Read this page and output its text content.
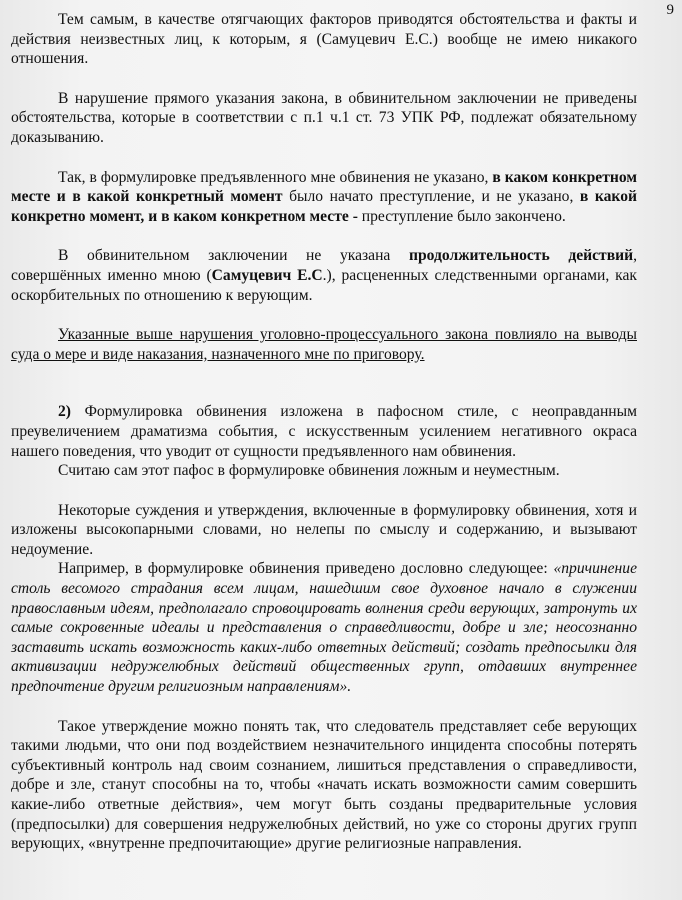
9

Тем самым, в качестве отягчающих факторов приводятся обстоятельства и факты и действия неизвестных лиц, к которым, я (Самуцевич Е.С.) вообще не имею никакого отношения.

В нарушение прямого указания закона, в обвинительном заключении не приведены обстоятельства, которые в соответствии с п.1 ч.1 ст. 73 УПК РФ, подлежат обязательному доказыванию.

Так, в формулировке предъявленного мне обвинения не указано, в каком конкретном месте и в какой конкретный момент было начато преступление, и не указано, в какой конкретно момент, и в каком конкретном месте - преступление было закончено.

В обвинительном заключении не указана продолжительность действий, совершённых именно мною (Самуцевич Е.С.), расцененных следственными органами, как оскорбительных по отношению к верующим.

Указанные выше нарушения уголовно-процессуального закона повлияло на выводы суда о мере и виде наказания, назначенного мне по приговору.

2) Формулировка обвинения изложена в пафосном стиле, с неоправданным преувеличением драматизма события, с искусственным усилением негативного окраса нашего поведения, что уводит от сущности предъявленного нам обвинения.

Считаю сам этот пафос в формулировке обвинения ложным и неуместным.

Некоторые суждения и утверждения, включенные в формулировку обвинения, хотя и изложены высокопарными словами, но нелепы по смыслу и содержанию, и вызывают недоумение.

Например, в формулировке обвинения приведено дословно следующее: «причинение столь весомого страдания всем лицам, нашедшим свое духовное начало в служении православным идеям, предполагало спровоцировать волнения среди верующих, затронуть их самые сокровенные идеалы и представления о справедливости, добре и зле; неосознанно заставить искать возможность каких-либо ответных действий; создать предпосылки для активизации недружелюбных действий общественных групп, отдавших внутреннее предпочтение другим религиозным направлениям».

Такое утверждение можно понять так, что следователь представляет себе верующих такими людьми, что они под воздействием незначительного инцидента способны потерять субъективный контроль над своим сознанием, лишиться представления о справедливости, добре и зле, станут способны на то, чтобы «начать искать возможности самим совершить какие-либо ответные действия», чем могут быть созданы предварительные условия (предпосылки) для совершения недружелюбных действий, но уже со стороны других групп верующих, «внутренне предпочитающие» другие религиозные направления.
